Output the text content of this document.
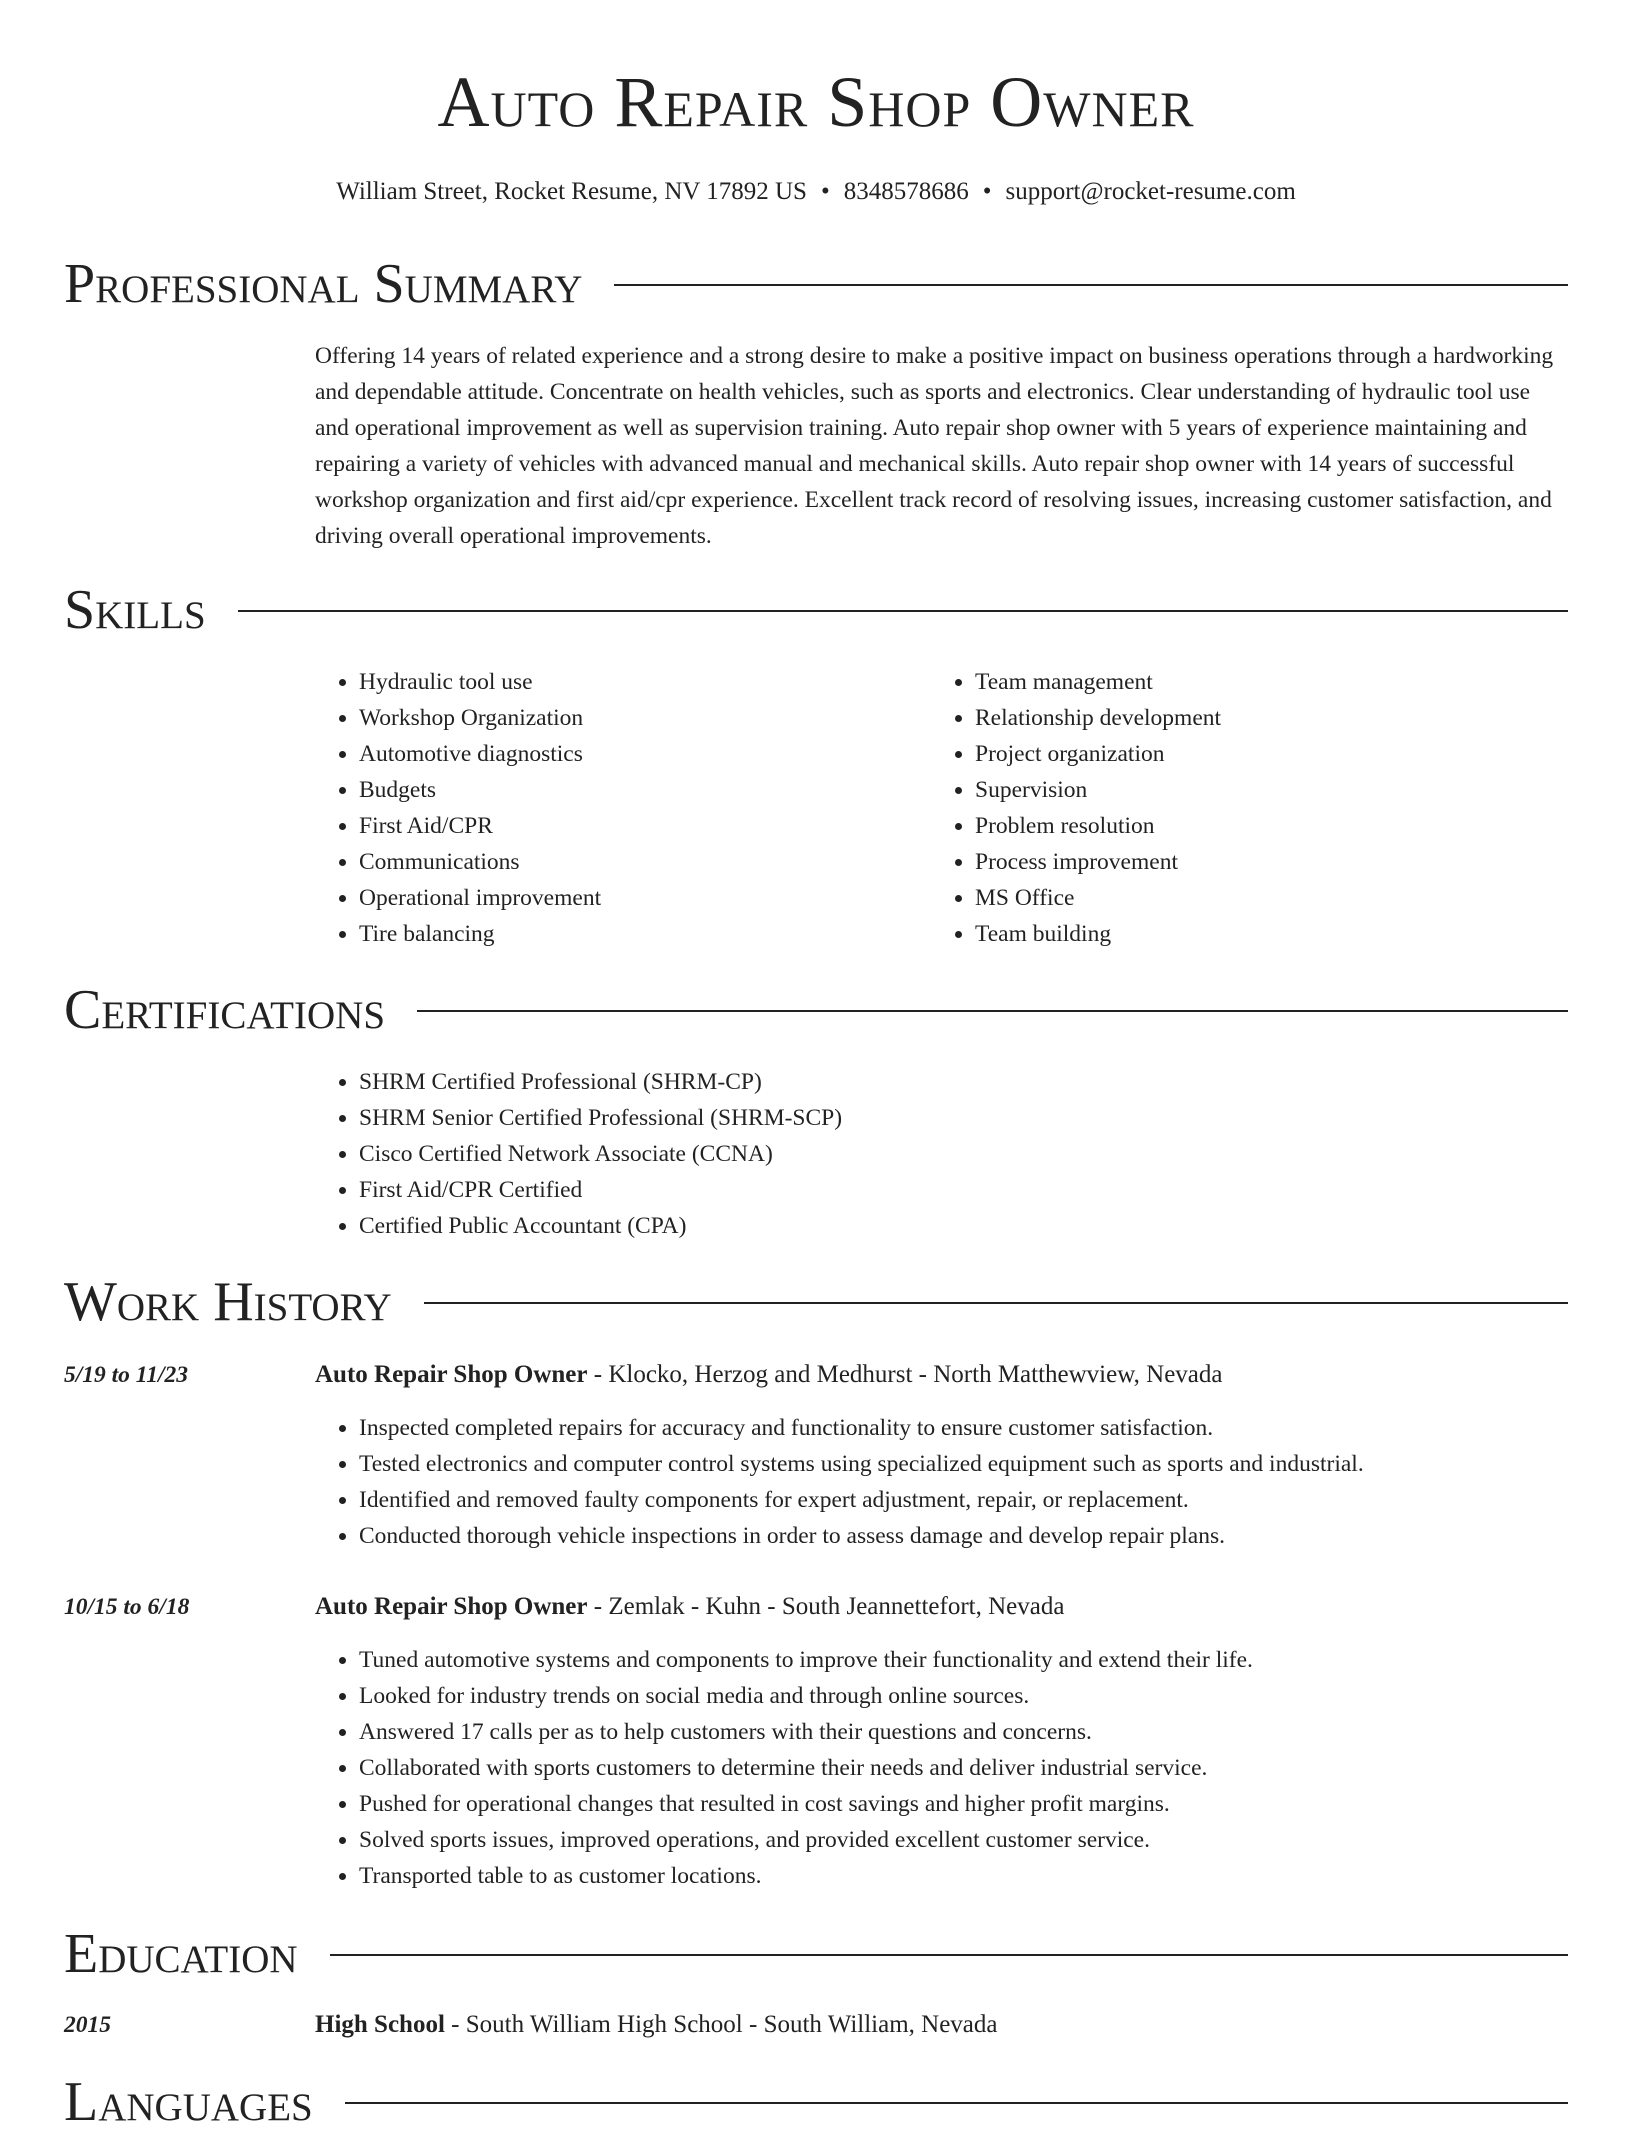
Auto Repair Shop Owner
William Street, Rocket Resume, NV 17892 US • 8348578686 • support@rocket-resume.com
Professional Summary

Offering 14 years of related experience and a strong desire to make a positive impact on business operations through a hardworking and dependable attitude. Concentrate on health vehicles, such as sports and electronics. Clear understanding of hydraulic tool use and operational improvement as well as supervision training. Auto repair shop owner with 5 years of experience maintaining and repairing a variety of vehicles with advanced manual and mechanical skills. Auto repair shop owner with 14 years of successful workshop organization and first aid/cpr experience. Excellent track record of resolving issues, increasing customer satisfaction, and driving overall operational improvements.

Skills
• Hydraulic tool use
• Workshop Organization
• Automotive diagnostics
• Budgets
• First Aid/CPR
• Communications
• Operational improvement
• Tire balancing
• Team management
• Relationship development
• Project organization
• Supervision
• Problem resolution
• Process improvement
• MS Office
• Team building
Certifications
• SHRM Certified Professional (SHRM-CP)
• SHRM Senior Certified Professional (SHRM-SCP)
• Cisco Certified Network Associate (CCNA)
• First Aid/CPR Certified
• Certified Public Accountant (CPA)
Work History
5/19 to 11/23	Auto Repair Shop Owner - Klocko, Herzog and Medhurst - North Matthewview, Nevada
• Inspected completed repairs for accuracy and functionality to ensure customer satisfaction.
• Tested electronics and computer control systems using specialized equipment such as sports and industrial.
• Identified and removed faulty components for expert adjustment, repair, or replacement.
• Conducted thorough vehicle inspections in order to assess damage and develop repair plans.
10/15 to 6/18	Auto Repair Shop Owner - Zemlak - Kuhn - South Jeannettefort, Nevada
• Tuned automotive systems and components to improve their functionality and extend their life.
• Looked for industry trends on social media and through online sources.
• Answered 17 calls per as to help customers with their questions and concerns.
• Collaborated with sports customers to determine their needs and deliver industrial service.
• Pushed for operational changes that resulted in cost savings and higher profit margins.
• Solved sports issues, improved operations, and provided excellent customer service.
• Transported table to as customer locations.
Education
2015	High School - South William High School - South William, Nevada
Languages
